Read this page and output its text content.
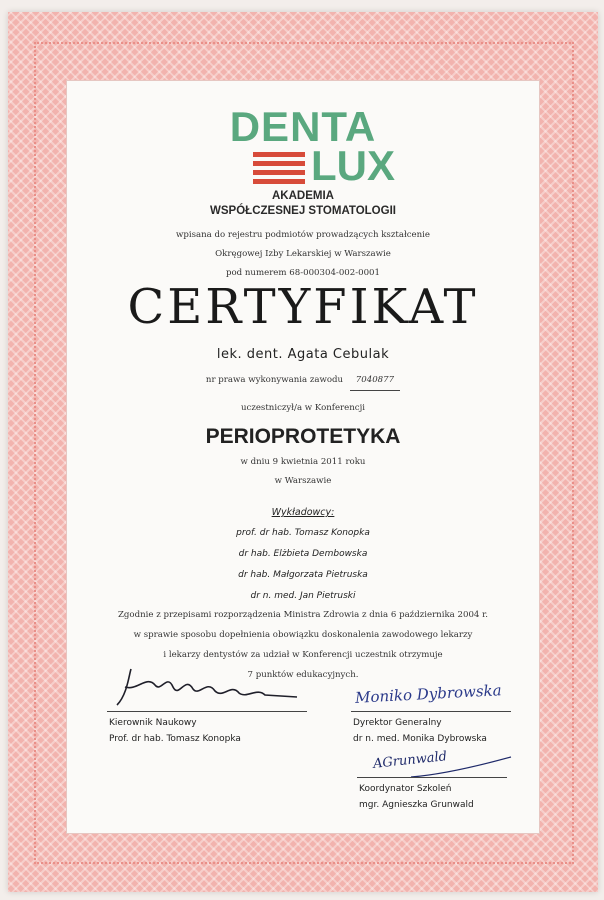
DENTA
LUX
AKADEMIA
WSPÓŁCZESNEJ STOMATOLOGII
wpisana do rejestru podmiotów prowadzących kształcenie
Okręgowej Izby Lekarskiej w Warszawie
pod numerem 68-000304-002-0001
CERTYFIKAT
lek. dent. Agata Cebulak
nr prawa wykonywania zawodu 7040877
uczestniczył/a w Konferencji
PERIOPROTETYKA
w dniu 9 kwietnia 2011 roku
w Warszawie
Wykładowcy:
prof. dr hab. Tomasz Konopka
dr hab. Elżbieta Dembowska
dr hab. Małgorzata Pietruska
dr n. med. Jan Pietruski
Zgodnie z przepisami rozporządzenia Ministra Zdrowia z dnia 6 października 2004 r.
w sprawie sposobu dopełnienia obowiązku doskonalenia zawodowego lekarzy
i lekarzy dentystów za udział w Konferencji uczestnik otrzymuje
7 punktów edukacyjnych.
Kierownik Naukowy
Prof. dr hab. Tomasz Konopka
Moniko Dybrowska
Dyrektor Generalny
dr n. med. Monika Dybrowska
AGrunwald
Koordynator Szkoleń
mgr. Agnieszka Grunwald
